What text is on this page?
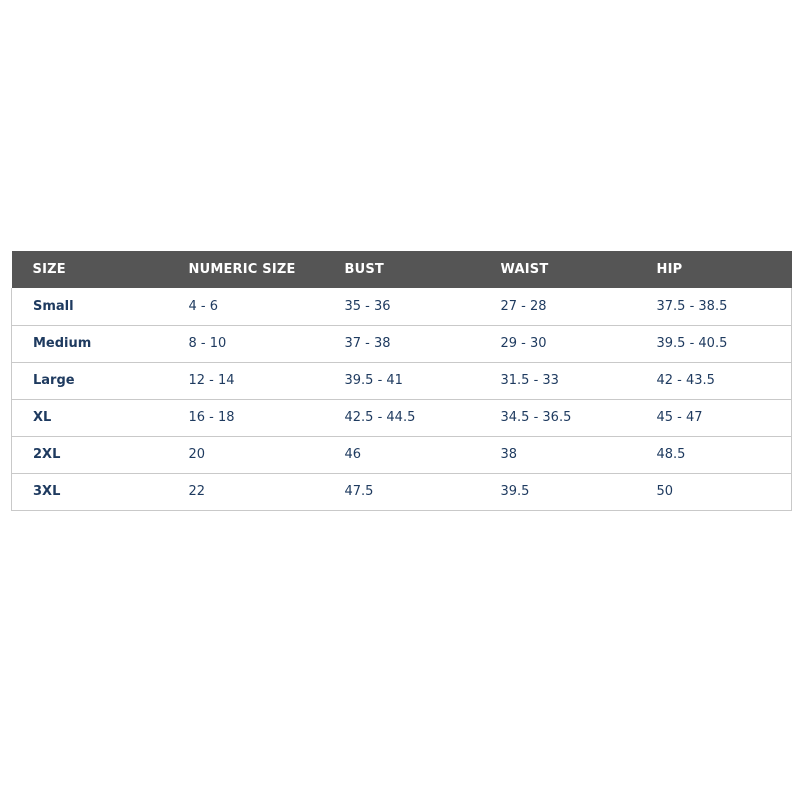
SIZE	NUMERIC SIZE	BUST	WAIST	HIP
Small	4 - 6	35 - 36	27 - 28	37.5 - 38.5
Medium	8 - 10	37 - 38	29 - 30	39.5 - 40.5
Large	12 - 14	39.5 - 41	31.5 - 33	42 - 43.5
XL	16 - 18	42.5 - 44.5	34.5 - 36.5	45 - 47
2XL	20	46	38	48.5
3XL	22	47.5	39.5	50
